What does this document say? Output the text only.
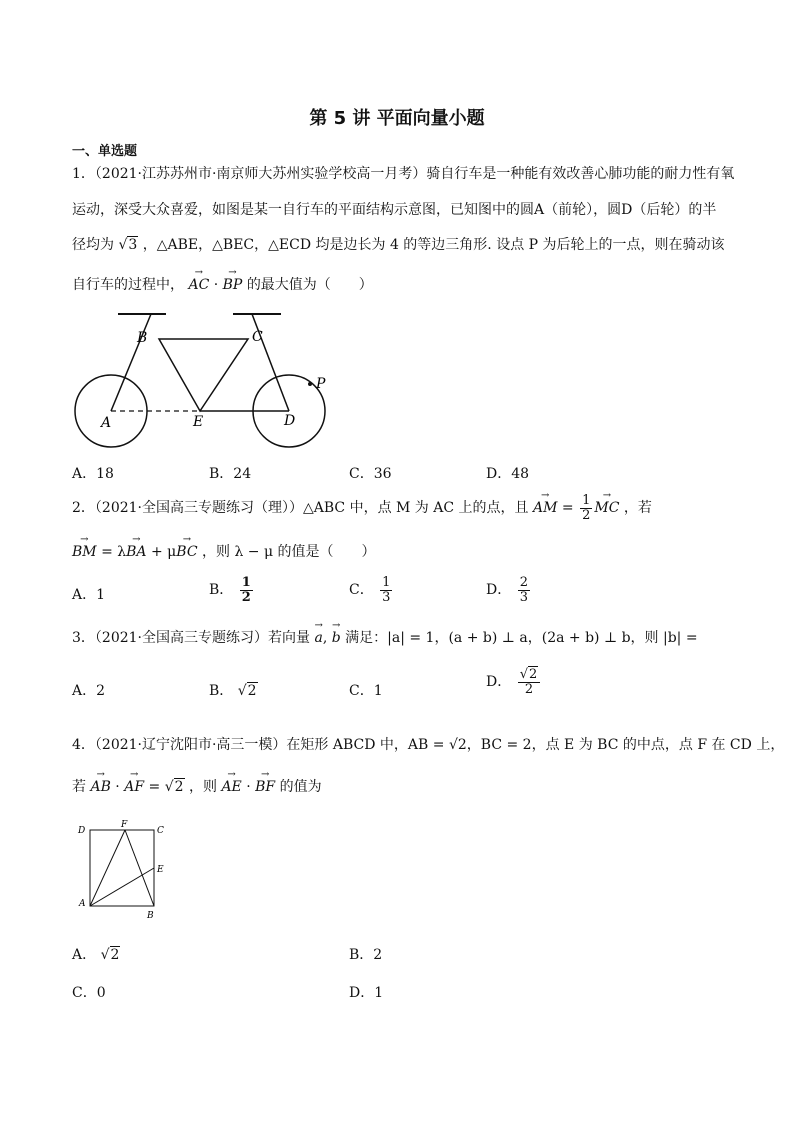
第 5 讲 平面向量小题
一、单选题
1．（2021·江苏苏州市·南京师大苏州实验学校高一月考）骑自行车是一种能有效改善心肺功能的耐力性有氧
运动，深受大众喜爱，如图是某一自行车的平面结构示意图，已知图中的圆A（前轮），圆D（后轮）的半
径均为 √3 ，△ABE，△BEC，△ECD 均是边长为 4 的等边三角形. 设点 P 为后轮上的一点，则在骑动该
自行车的过程中， → AC · → BP 的最大值为（　　）
B	C
P
A	E	D
A．18	B．24	C．36	D．48
2．（2021·全国高三专题练习（理））△ABC 中，点 M 为 AC 上的点，且 → AM = $\frac{1}{2}$ → MC ，若
→ BM = λ→ BA + μ→ BC ，则 λ − μ 的值是（　　）
A．1	B． $\frac{1}{2}$	C． $\frac{1}{3}$	D． $\frac{2}{3}$
3．（2021·全国高三专题练习）若向量 → a, → b 满足：|a| = 1，(a + b) ⊥ a，(2a + b) ⊥ b，则 |b| =
A．2	B． √2	C．1
D． $\frac{√2}{2}$
4．（2021·辽宁沈阳市·高三一模）在矩形 ABCD 中，AB = √2，BC = 2，点 E 为 BC 的中点，点 F 在 CD 上，
若 → AB · → AF = √2 ，则 → AE · → BF 的值为
D
F
C
E
A
B
A． √2	B．2
C．0	D．1
